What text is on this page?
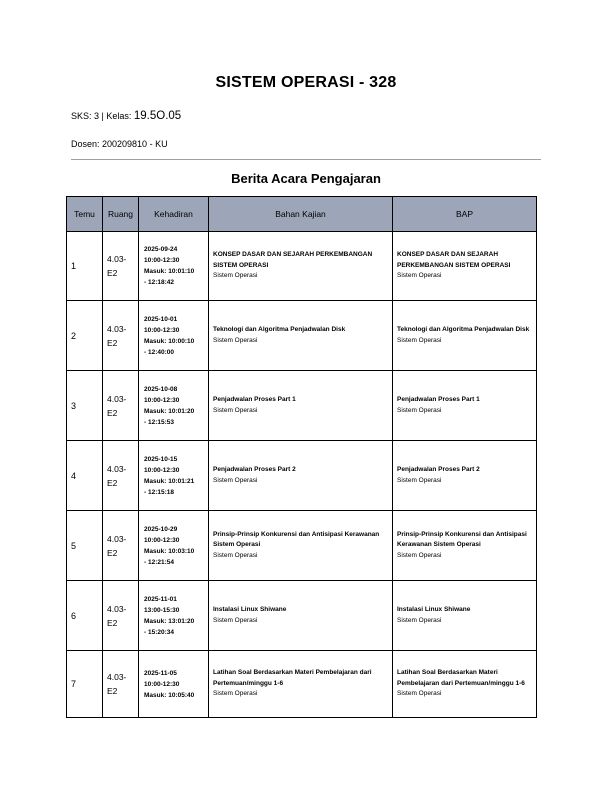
SISTEM OPERASI - 328
SKS: 3 | Kelas: 19.5O.05
Dosen: 200209810 - KU
Berita Acara Pengajaran
Temu	Ruang	Kehadiran	Bahan Kajian	BAP
1	4.03-E2	2025-09-24
10:00-12:30
Masuk: 10:01:10
- 12:18:42	KONSEP DASAR DAN SEJARAH PERKEMBANGAN SISTEM OPERASI
Sistem Operasi	KONSEP DASAR DAN SEJARAH PERKEMBANGAN SISTEM OPERASI
Sistem Operasi

2	4.03-E2	2025-10-01
10:00-12:30
Masuk: 10:00:10
- 12:40:00	Teknologi dan Algoritma Penjadwalan Disk
Sistem Operasi	Teknologi dan Algoritma Penjadwalan Disk
Sistem Operasi

3	4.03-E2	2025-10-08
10:00-12:30
Masuk: 10:01:20
- 12:15:53	Penjadwalan Proses Part 1
Sistem Operasi	Penjadwalan Proses Part 1
Sistem Operasi

4	4.03-E2	2025-10-15
10:00-12:30
Masuk: 10:01:21
- 12:15:18	Penjadwalan Proses Part 2
Sistem Operasi	Penjadwalan Proses Part 2
Sistem Operasi

5	4.03-E2	2025-10-29
10:00-12:30
Masuk: 10:03:10
- 12:21:54	Prinsip-Prinsip Konkurensi dan Antisipasi Kerawanan Sistem Operasi
Sistem Operasi	Prinsip-Prinsip Konkurensi dan Antisipasi Kerawanan Sistem Operasi
Sistem Operasi

6	4.03-E2	2025-11-01
13:00-15:30
Masuk: 13:01:20
- 15:20:34	Instalasi Linux Shiwane
Sistem Operasi	Instalasi Linux Shiwane
Sistem Operasi

7	4.03-E2	2025-11-05
10:00-12:30
Masuk: 10:05:40	Latihan Soal Berdasarkan Materi Pembelajaran dari Pertemuan/minggu 1-6
Sistem Operasi	Latihan Soal Berdasarkan Materi Pembelajaran dari Pertemuan/minggu 1-6
Sistem Operasi
